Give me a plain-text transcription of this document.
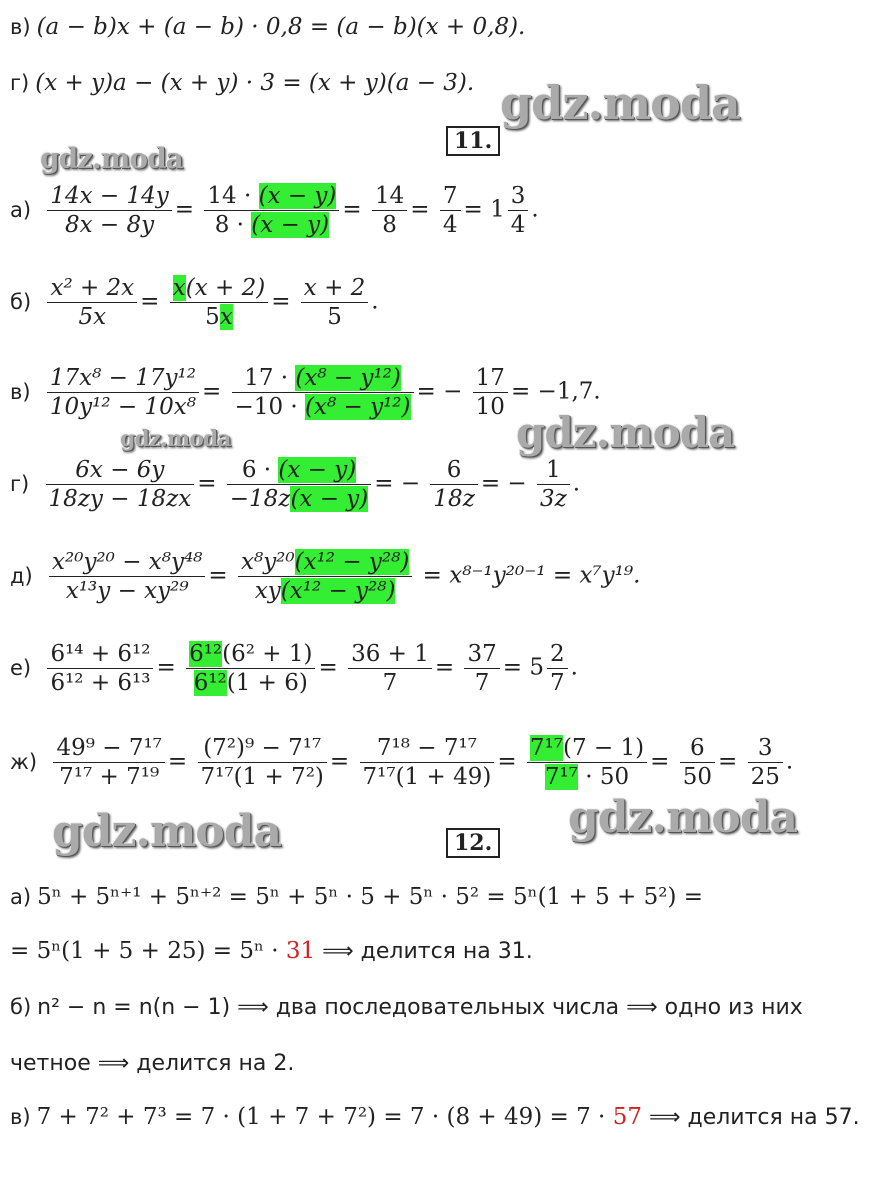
в) (a − b)x + (a − b) · 0,8 = (a − b)(x + 0,8).
г) (x + y)a − (x + y) · 3 = (x + y)(a − 3).
11.
gdz.moda
gdz.moda
gdz.moda	gdz.moda
gdz.moda	gdz.moda
$а) \frac{14x - 14y}{8x - 8y} = \frac{14 \cdot (x - y)}{8 \cdot (x - y)} = \frac{14}{8} = \frac{7}{4} = 1 \frac{3}{4}$ .
$б) \frac{\text{x² + 2x}}{5x} = \frac{x(x + 2)}{5x} = \frac{x + 2}{5}$ .
$в) \frac{\text{17x⁸ − 17y¹²}}{\text{10y¹² − 10x⁸}} = \frac{\text{17 · (x⁸ − y¹²)}}{\text{−10 · (x⁸ − y¹²)}}$ = − $\frac{17}{10} = -1,7$.
$г) \frac{6x - 6y}{18zy - 18zx} = \frac{6 \cdot (x - y)}{-18z(x - y)}$ = − $\frac{6}{18z}$ = − $\frac{1}{3z}$ .
$д) \frac{\text{x²⁰y²⁰ − x⁸y⁴⁸}}{\text{x¹³y − xy²⁹}} = \frac{\text{x⁸y²⁰(x¹² − y²⁸)}}{\text{xy(x¹² − y²⁸)}} = x^{8-1}y^{20-1} = x^7y^{19}$.
$е) \frac{\text{6¹⁴ + 6¹²}}{\text{6¹² + 6¹³}} = \frac{\text{6¹²(6² + 1)}}{\text{6¹²(1 + 6)}} = \frac{36 + 1}{7} = \frac{37}{7} = 5 \frac{2}{7}$ .
$ж) \frac{\text{49⁹ − 7¹⁷}}{\text{7¹⁷ + 7¹⁹}} = \frac{\text{(7²)⁹ − 7¹⁷}}{\text{7¹⁷(1 + 7²)}} = \frac{\text{7¹⁸ − 7¹⁷}}{\text{7¹⁷(1 + 49)}} = \frac{\text{7¹⁷(7 − 1)}}{\text{7¹⁷ · 50}} = \frac{6}{50} = \frac{3}{25}$ .
12.
а) 5ⁿ + 5ⁿ⁺¹ + 5ⁿ⁺² = 5ⁿ + 5ⁿ · 5 + 5ⁿ · 5² = 5ⁿ(1 + 5 + 5²) =
= 5ⁿ(1 + 5 + 25) = 5ⁿ · 31 ⟹ делится на 31.
б) n² − n = n(n − 1) ⟹ два последовательных числа ⟹ одно из них
четное ⟹ делится на 2.
в) 7 + 7² + 7³ = 7 · (1 + 7 + 7²) = 7 · (8 + 49) = 7 · 57 ⟹ делится на 57.
